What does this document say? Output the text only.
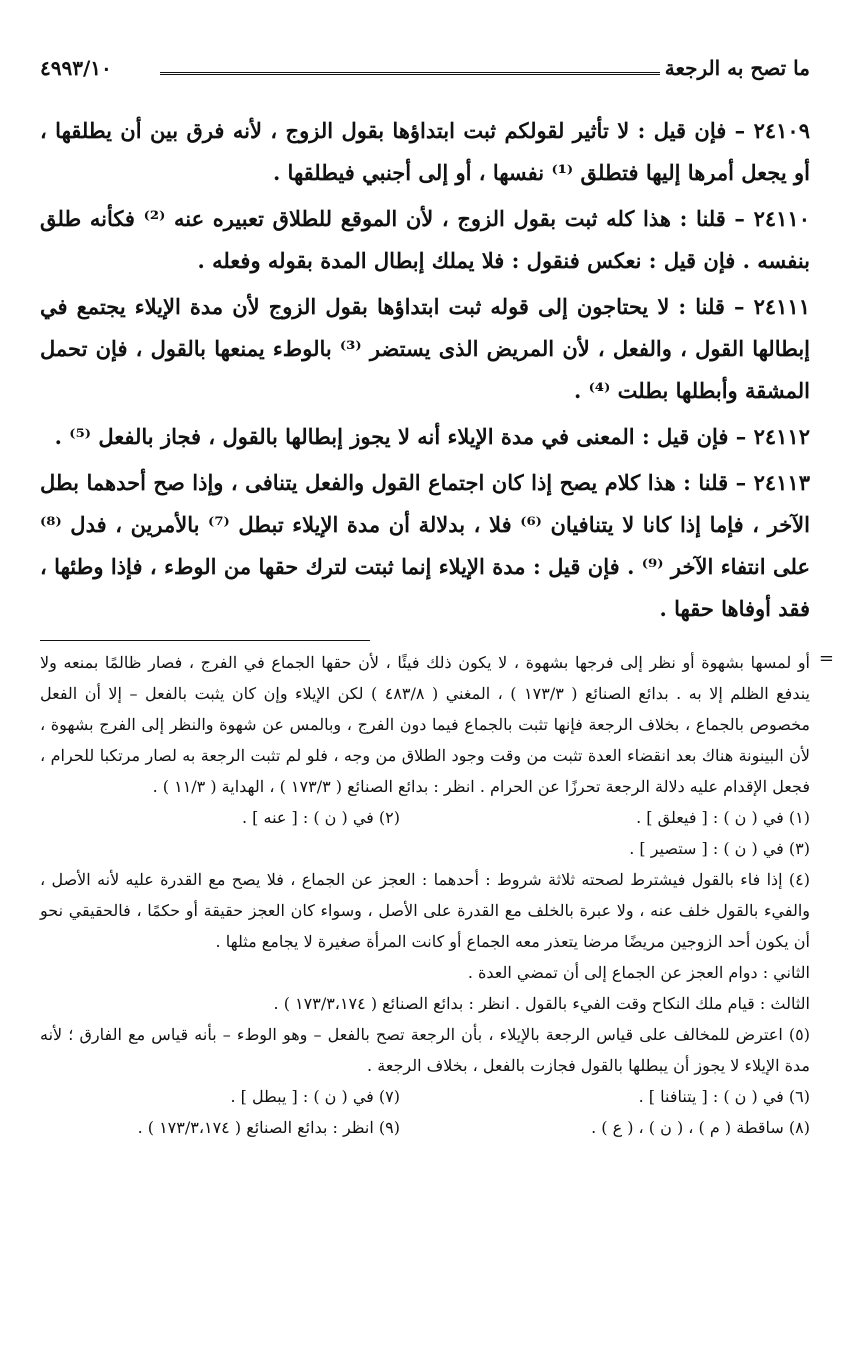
ما تصح به الرجعة
٤٩٩٣/١٠

٢٤١٠٩ – فإن قيل : لا تأثير لقولكم ثبت ابتداؤها بقول الزوج ، لأنه فرق بين أن يطلقها ، أو يجعل أمرها إليها فتطلق ⁽¹⁾ نفسها ، أو إلى أجنبي فيطلقها .

٢٤١١٠ – قلنا : هذا كله ثبت بقول الزوج ، لأن الموقع للطلاق تعبيره عنه ⁽²⁾ فكأنه طلق بنفسه . فإن قيل : نعكس فنقول : فلا يملك إبطال المدة بقوله وفعله .

٢٤١١١ – قلنا : لا يحتاجون إلى قوله ثبت ابتداؤها بقول الزوج لأن مدة الإيلاء يجتمع في إبطالها القول ، والفعل ، لأن المريض الذى يستضر ⁽³⁾ بالوطء يمنعها بالقول ، فإن تحمل المشقة وأبطلها بطلت ⁽⁴⁾ .

٢٤١١٢ – فإن قيل : المعنى في مدة الإيلاء أنه لا يجوز إبطالها بالقول ، فجاز بالفعل ⁽⁵⁾ .

٢٤١١٣ – قلنا : هذا كلام يصح إذا كان اجتماع القول والفعل يتنافى ، وإذا صح أحدهما بطل الآخر ، فإما إذا كانا لا يتنافيان ⁽⁶⁾ فلا ، بدلالة أن مدة الإيلاء تبطل ⁽⁷⁾ بالأمرين ، فدل ⁽⁸⁾ على انتفاء الآخر ⁽⁹⁾ . فإن قيل : مدة الإيلاء إنما ثبتت لترك حقها من الوطء ، فإذا وطئها ، فقد أوفاها حقها .

=

أو لمسها بشهوة أو نظر إلى فرجها بشهوة ، لا يكون ذلك فيئًا ، لأن حقها الجماع في الفرج ، فصار ظالمًا بمنعه ولا يندفع الظلم إلا به . بدائع الصنائع ( ١٧٣/٣ ) ، المغني ( ٤٨٣/٨ ) لكن الإيلاء وإن كان يثبت بالفعل – إلا أن الفعل مخصوص بالجماع ، بخلاف الرجعة فإنها تثبت بالجماع فيما دون الفرج ، وبالمس عن شهوة والنظر إلى الفرج بشهوة ، لأن البينونة هناك بعد انقضاء العدة تثبت من وقت وجود الطلاق من وجه ، فلو لم تثبت الرجعة به لصار مرتكبا للحرام ، فجعل الإقدام عليه دلالة الرجعة تحرزًا عن الحرام . انظر : بدائع الصنائع ( ١٧٣/٣ ) ، الهداية ( ١١/٣ ) .

(١) في ( ن ) : [ فيعلق ] .
(٢) في ( ن ) : [ عنه ] .

(٣) في ( ن ) : [ ستصير ] .

(٤) إذا فاء بالقول فيشترط لصحته ثلاثة شروط : أحدهما : العجز عن الجماع ، فلا يصح مع القدرة عليه لأنه الأصل ، والفيء بالقول خلف عنه ، ولا عبرة بالخلف مع القدرة على الأصل ، وسواء كان العجز حقيقة أو حكمًا ، فالحقيقي نحو أن يكون أحد الزوجين مريضًا مرضا يتعذر معه الجماع أو كانت المرأة صغيرة لا يجامع مثلها .

الثاني : دوام العجز عن الجماع إلى أن تمضي العدة .

الثالث : قيام ملك النكاح وقت الفيء بالقول . انظر : بدائع الصنائع ( ١٧٣/٣،١٧٤ ) .

(٥) اعترض للمخالف على قياس الرجعة بالإيلاء ، بأن الرجعة تصح بالفعل – وهو الوطء – بأنه قياس مع الفارق ؛ لأنه مدة الإيلاء لا يجوز أن يبطلها بالقول فجازت بالفعل ، بخلاف الرجعة .

(٦) في ( ن ) : [ يتنافنا ] .
(٧) في ( ن ) : [ يبطل ] .
(٨) ساقطة ( م ) ، ( ن ) ، ( ع ) .
(٩) انظر : بدائع الصنائع ( ١٧٣/٣،١٧٤ ) .
